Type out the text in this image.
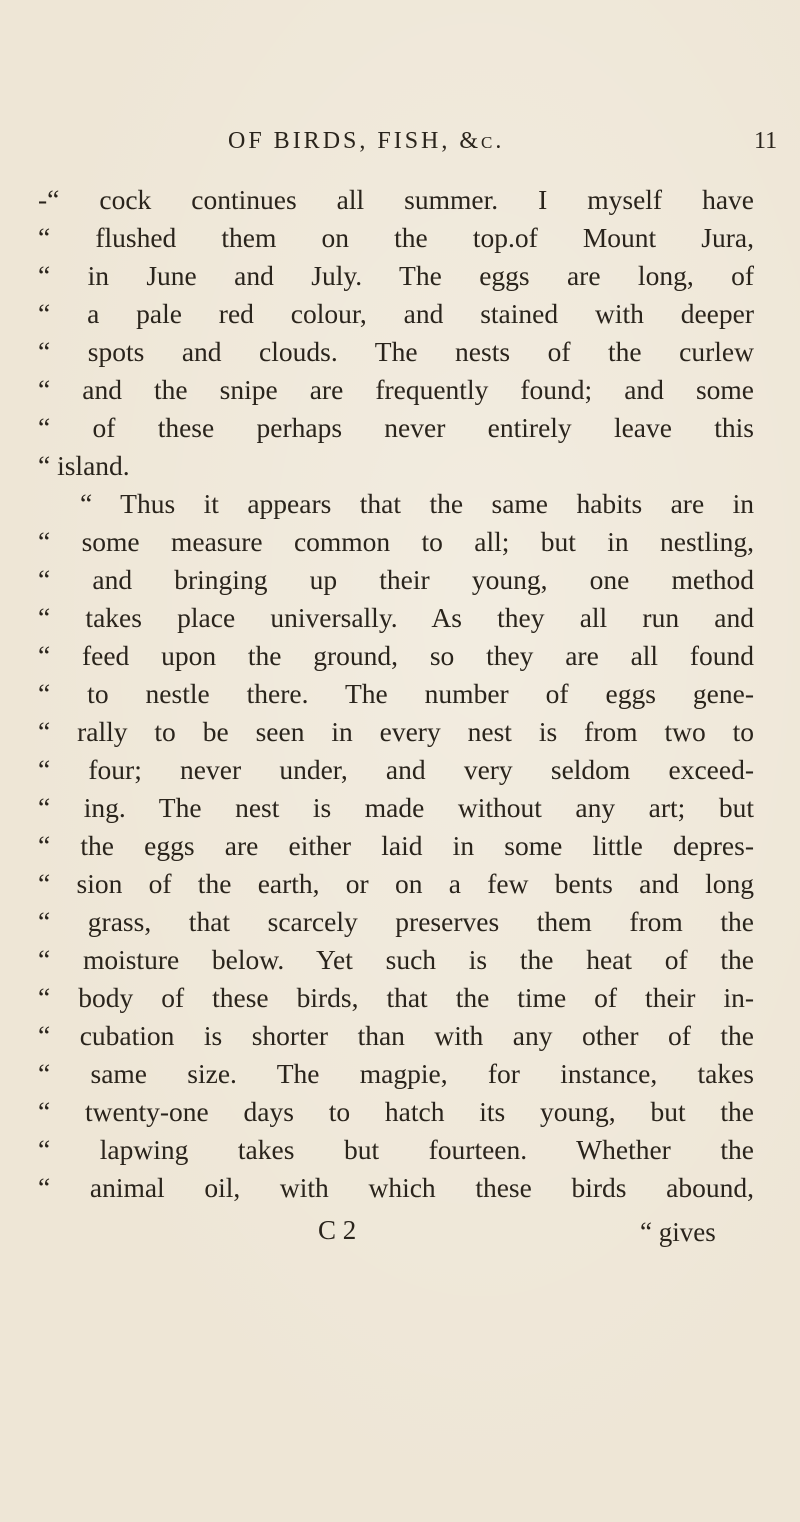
OF BIRDS, FISH, &c.	11
-“ cock continues all summer. I myself have
“ flushed them on the top.of Mount Jura,
“ in June and July. The eggs are long, of
“ a pale red colour, and stained with deeper
“ spots and clouds. The nests of the curlew
“ and the snipe are frequently found; and some
“ of these perhaps never entirely leave this
“ island.
“ Thus it appears that the same habits are in
“ some measure common to all; but in nestling,
“ and bringing up their young, one method
“ takes place universally. As they all run and
“ feed upon the ground, so they are all found
“ to nestle there. The number of eggs gene-
“ rally to be seen in every nest is from two to
“ four; never under, and very seldom exceed-
“ ing. The nest is made without any art; but
“ the eggs are either laid in some little depres-
“ sion of the earth, or on a few bents and long
“ grass, that scarcely preserves them from the
“ moisture below. Yet such is the heat of the
“ body of these birds, that the time of their in-
“ cubation is shorter than with any other of the
“ same size. The magpie, for instance, takes
“ twenty-one days to hatch its young, but the
“ lapwing takes but fourteen. Whether the
“ animal oil, with which these birds abound,
C 2	“ gives
